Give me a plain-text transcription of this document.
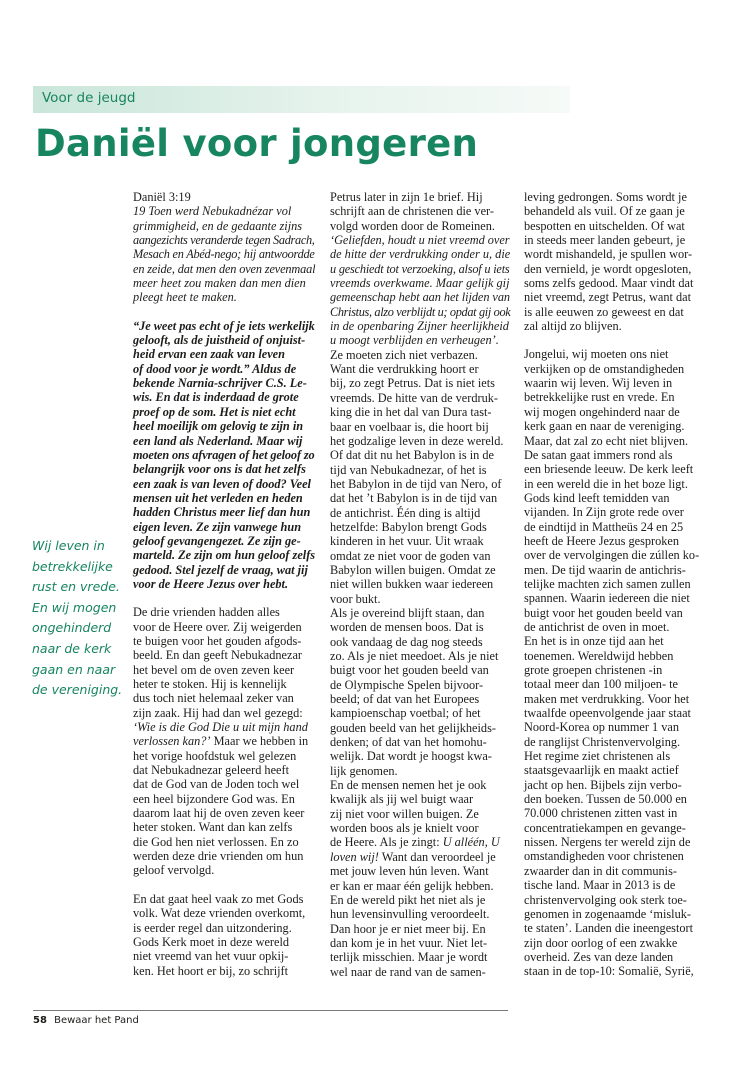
Voor de jeugd
Daniël voor jongeren
Wij leven in
betrekkelijke
rust en vrede.
En wij mogen
ongehinderd
naar de kerk
gaan en naar
de vereniging.
Daniël 3:19
19 Toen werd Nebukadnézar vol
grimmigheid, en de gedaante zijns
aangezichts veranderde tegen Sadrach,
Mesach en Abéd-nego; hij antwoordde
en zeide, dat men den oven zevenmaal
meer heet zou maken dan men dien
pleegt heet te maken.
“Je weet pas echt of je iets werkelijk
gelooft, als de juistheid of onjuist-
heid ervan een zaak van leven
of dood voor je wordt.” Aldus de
bekende Narnia-schrijver C.S. Le-
wis. En dat is inderdaad de grote
proef op de som. Het is niet echt
heel moeilijk om gelovig te zijn in
een land als Nederland. Maar wij
moeten ons afvragen of het geloof zo
belangrijk voor ons is dat het zelfs
een zaak is van leven of dood? Veel
mensen uit het verleden en heden
hadden Christus meer lief dan hun
eigen leven. Ze zijn vanwege hun
geloof gevangengezet. Ze zijn ge-
marteld. Ze zijn om hun geloof zelfs
gedood. Stel jezelf de vraag, wat jij
voor de Heere Jezus over hebt.
De drie vrienden hadden alles
voor de Heere over. Zij weigerden
te buigen voor het gouden afgods-
beeld. En dan geeft Nebukadnezar
het bevel om de oven zeven keer
heter te stoken. Hij is kennelijk
dus toch niet helemaal zeker van
zijn zaak. Hij had dan wel gezegd:
‘Wie is die God Die u uit mijn hand
verlossen kan?’ Maar we hebben in
het vorige hoofdstuk wel gelezen
dat Nebukadnezar geleerd heeft
dat de God van de Joden toch wel
een heel bijzondere God was. En
daarom laat hij de oven zeven keer
heter stoken. Want dan kan zelfs
die God hen niet verlossen. En zo
werden deze drie vrienden om hun
geloof vervolgd.
En dat gaat heel vaak zo met Gods
volk. Wat deze vrienden overkomt,
is eerder regel dan uitzondering.
Gods Kerk moet in deze wereld
niet vreemd van het vuur opkij-
ken. Het hoort er bij, zo schrijft
Petrus later in zijn 1e brief. Hij
schrijft aan de christenen die ver-
volgd worden door de Romeinen.
‘Geliefden, houdt u niet vreemd over
de hitte der verdrukking onder u, die
u geschiedt tot verzoeking, alsof u iets
vreemds overkwame. Maar gelijk gij
gemeenschap hebt aan het lijden van
Christus, alzo verblijdt u; opdat gij ook
in de openbaring Zijner heerlijkheid
u moogt verblijden en verheugen’.
Ze moeten zich niet verbazen.
Want die verdrukking hoort er
bij, zo zegt Petrus. Dat is niet iets
vreemds. De hitte van de verdruk-
king die in het dal van Dura tast-
baar en voelbaar is, die hoort bij
het godzalige leven in deze wereld.
Of dat dit nu het Babylon is in de
tijd van Nebukadnezar, of het is
het Babylon in de tijd van Nero, of
dat het ’t Babylon is in de tijd van
de antichrist. Één ding is altijd
hetzelfde: Babylon brengt Gods
kinderen in het vuur. Uit wraak
omdat ze niet voor de goden van
Babylon willen buigen. Omdat ze
niet willen bukken waar iedereen
voor bukt.
Als je overeind blijft staan, dan
worden de mensen boos. Dat is
ook vandaag de dag nog steeds
zo. Als je niet meedoet. Als je niet
buigt voor het gouden beeld van
de Olympische Spelen bijvoor-
beeld; of dat van het Europees
kampioenschap voetbal; of het
gouden beeld van het gelijkheids-
denken; of dat van het homohu-
welijk. Dat wordt je hoogst kwa-
lijk genomen.
En de mensen nemen het je ook
kwalijk als jij wel buigt waar
zij niet voor willen buigen. Ze
worden boos als je knielt voor
de Heere. Als je zingt: U alléén, U
loven wij! Want dan veroordeel je
met jouw leven hún leven. Want
er kan er maar één gelijk hebben.
En de wereld pikt het niet als je
hun levensinvulling veroordeelt.
Dan hoor je er niet meer bij. En
dan kom je in het vuur. Niet let-
terlijk misschien. Maar je wordt
wel naar de rand van de samen-
leving gedrongen. Soms wordt je
behandeld als vuil. Of ze gaan je
bespotten en uitschelden. Of wat
in steeds meer landen gebeurt, je
wordt mishandeld, je spullen wor-
den vernield, je wordt opgesloten,
soms zelfs gedood. Maar vindt dat
niet vreemd, zegt Petrus, want dat
is alle eeuwen zo geweest en dat
zal altijd zo blijven.
Jongelui, wij moeten ons niet
verkijken op de omstandigheden
waarin wij leven. Wij leven in
betrekkelijke rust en vrede. En
wij mogen ongehinderd naar de
kerk gaan en naar de vereniging.
Maar, dat zal zo echt niet blijven.
De satan gaat immers rond als
een briesende leeuw. De kerk leeft
in een wereld die in het boze ligt.
Gods kind leeft temidden van
vijanden. In Zijn grote rede over
de eindtijd in Mattheüs 24 en 25
heeft de Heere Jezus gesproken
over de vervolgingen die zúllen ko-
men. De tijd waarin de antichris-
telijke machten zich samen zullen
spannen. Waarin iedereen die niet
buigt voor het gouden beeld van
de antichrist de oven in moet.
En het is in onze tijd aan het
toenemen. Wereldwijd hebben
grote groepen christenen -in
totaal meer dan 100 miljoen- te
maken met verdrukking. Voor het
twaalfde opeenvolgende jaar staat
Noord-Korea op nummer 1 van
de ranglijst Christenvervolging.
Het regime ziet christenen als
staatsgevaarlijk en maakt actief
jacht op hen. Bijbels zijn verbo-
den boeken. Tussen de 50.000 en
70.000 christenen zitten vast in
concentratiekampen en gevange-
nissen. Nergens ter wereld zijn de
omstandigheden voor christenen
zwaarder dan in dit communis-
tische land. Maar in 2013 is de
christenvervolging ook sterk toe-
genomen in zogenaamde ‘misluk-
te staten’. Landen die ineengestort
zijn door oorlog of een zwakke
overheid. Zes van deze landen
staan in de top-10: Somalië, Syrië,
58 Bewaar het Pand
